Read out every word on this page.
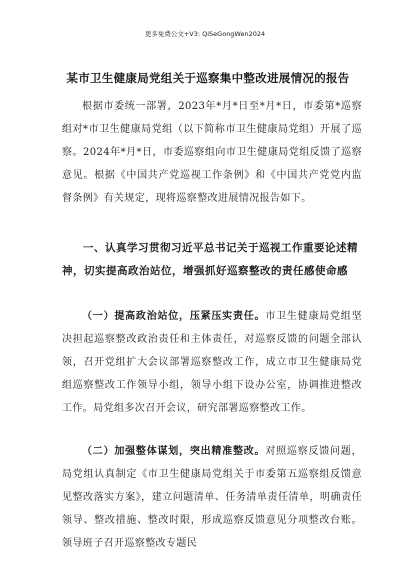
更多免费公文+V3: QiSeGongWen2024
某市卫生健康局党组关于巡察集中整改进展情况的报告
根据市委统一部署，2023年*月*日至*月*日，市委第*巡察组对*市卫生健康局党组（以下简称市卫生健康局党组）开展了巡察。2024年*月*日，市委巡察组向市卫生健康局党组反馈了巡察意见。根据《中国共产党巡视工作条例》和《中国共产党党内监督条例》有关规定，现将巡察整改进展情况报告如下。
一、认真学习贯彻习近平总书记关于巡视工作重要论述精神，切实提高政治站位，增强抓好巡察整改的责任感使命感
（一）提高政治站位，压紧压实责任。市卫生健康局党组坚决担起巡察整改政治责任和主体责任，对巡察反馈的问题全部认领，召开党组扩大会议部署巡察整改工作，成立市卫生健康局党组巡察整改工作领导小组，领导小组下设办公室，协调推进整改工作。局党组多次召开会议，研究部署巡察整改工作。
（二）加强整体谋划，突出精准整改。对照巡察反馈问题，局党组认真制定《市卫生健康局党组关于市委第五巡察组反馈意见整改落实方案》，建立问题清单、任务清单责任清单，明确责任领导、整改措施、整改时限，形成巡察反馈意见分项整改台账。领导班子召开巡察整改专题民
